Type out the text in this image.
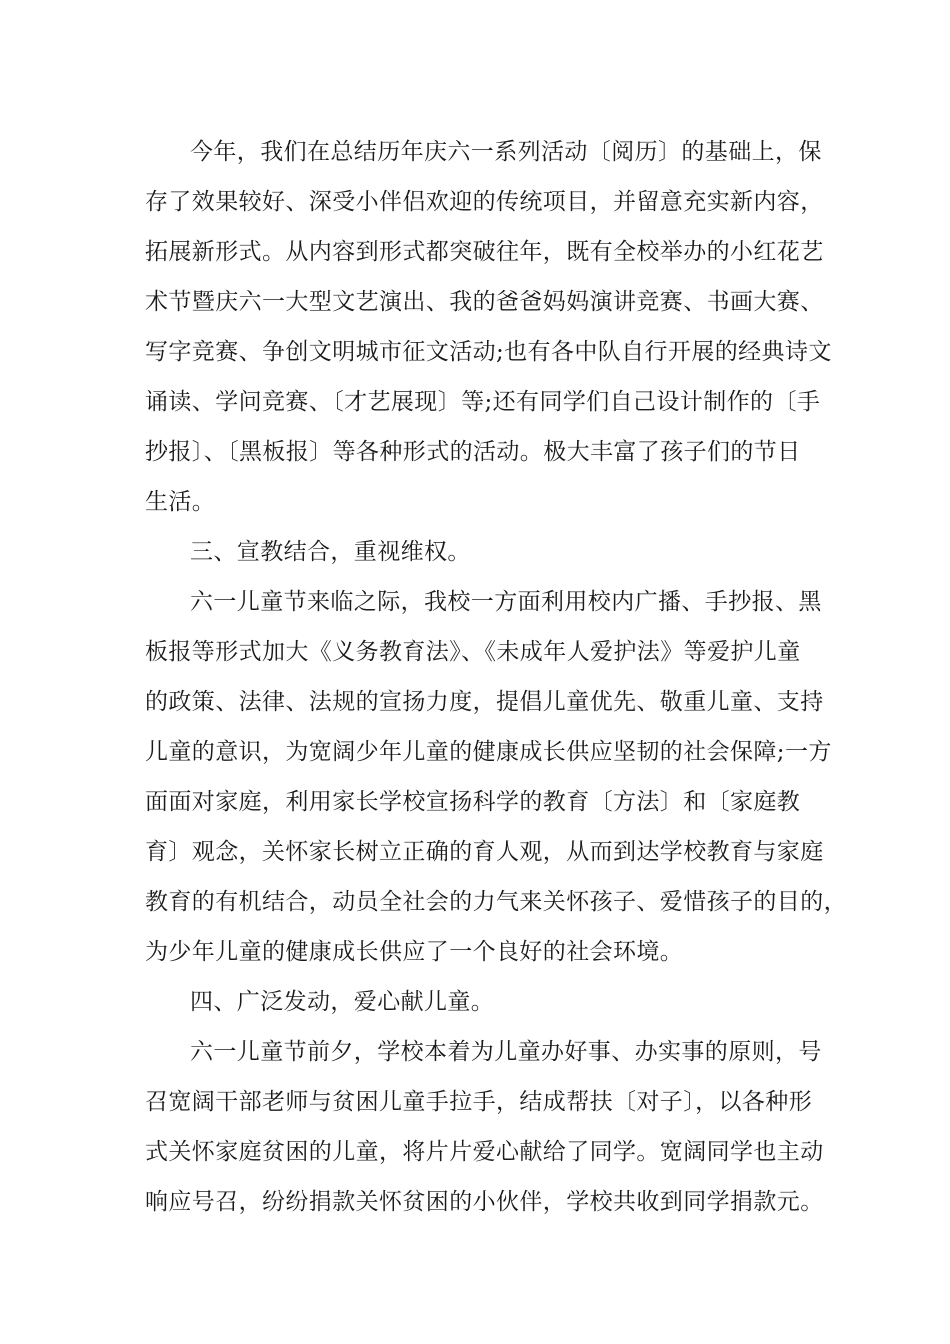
今年，我们在总结历年庆六一系列活动〔阅历〕的基础上，保
存了效果较好、深受小伴侣欢迎的传统项目，并留意充实新内容，
拓展新形式。从内容到形式都突破往年，既有全校举办的小红花艺
术节暨庆六一大型文艺演出、我的爸爸妈妈演讲竞赛、书画大赛、
写字竞赛、争创文明城市征文活动;也有各中队自行开展的经典诗文
诵读、学问竞赛、〔才艺展现〕等;还有同学们自己设计制作的〔手
抄报〕、〔黑板报〕等各种形式的活动。极大丰富了孩子们的节日
生活。
三、宣教结合，重视维权。
六一儿童节来临之际，我校一方面利用校内广播、手抄报、黑
板报等形式加大《义务教育法》、《未成年人爱护法》等爱护儿童
的政策、法律、法规的宣扬力度，提倡儿童优先、敬重儿童、支持
儿童的意识，为宽阔少年儿童的健康成长供应坚韧的社会保障;一方
面面对家庭，利用家长学校宣扬科学的教育〔方法〕和〔家庭教
育〕观念，关怀家长树立正确的育人观，从而到达学校教育与家庭
教育的有机结合，动员全社会的力气来关怀孩子、爱惜孩子的目的，
为少年儿童的健康成长供应了一个良好的社会环境。
四、广泛发动，爱心献儿童。
六一儿童节前夕，学校本着为儿童办好事、办实事的原则，号
召宽阔干部老师与贫困儿童手拉手，结成帮扶〔对子〕，以各种形
式关怀家庭贫困的儿童，将片片爱心献给了同学。宽阔同学也主动
响应号召，纷纷捐款关怀贫困的小伙伴，学校共收到同学捐款元。
